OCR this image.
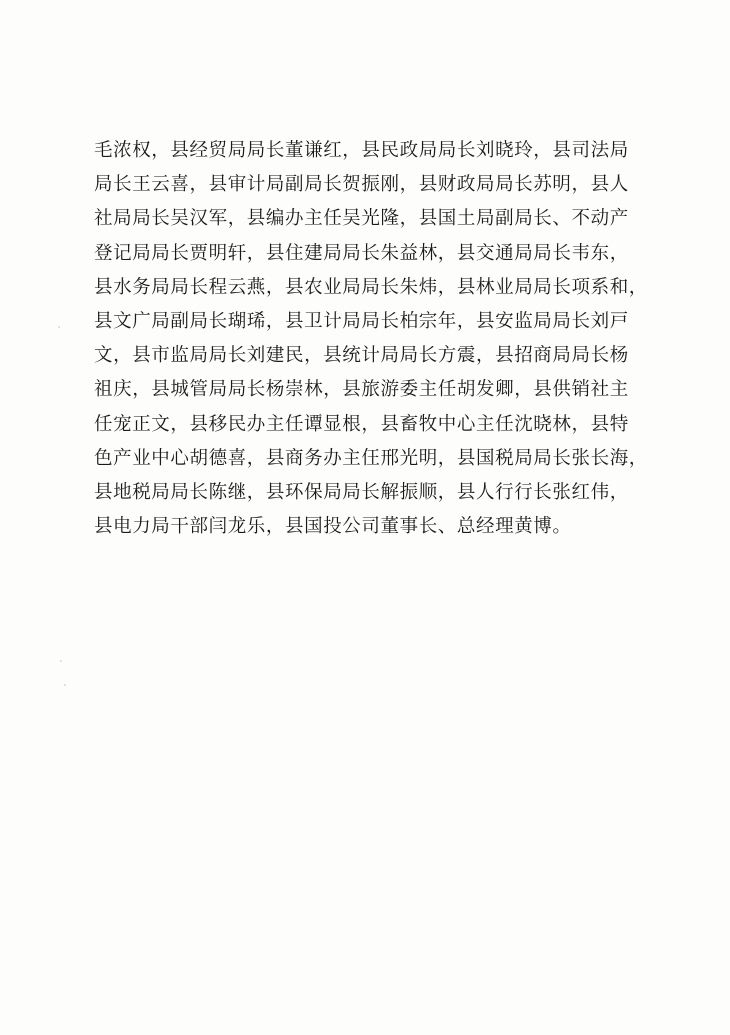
毛浓权，县经贸局局长董谦红，县民政局局长刘晓玲，县司法局
局长王云喜，县审计局副局长贺振刚，县财政局局长苏明，县人
社局局长吴汉军，县编办主任吴光隆，县国土局副局长、不动产
登记局局长贾明轩，县住建局局长朱益林，县交通局局长韦东，
县水务局局长程云燕，县农业局局长朱炜，县林业局局长项系和，
县文广局副局长瑚琋，县卫计局局长柏宗年，县安监局局长刘戸
文，县市监局局长刘建民，县统计局局长方震，县招商局局长杨
祖庆，县城管局局长杨崇林，县旅游委主任胡发卿，县供销社主
任宠正文，县移民办主任谭显根，县畜牧中心主任沈晓林，县特
色产业中心胡德喜，县商务办主仼邢光明，县国税局局长张长海，
县地税局局长陈继，县环保局局长解振顺，县人行行长张红伟，
县电力局干部闫龙乐，县国投公司董事长、总经理黄博。
